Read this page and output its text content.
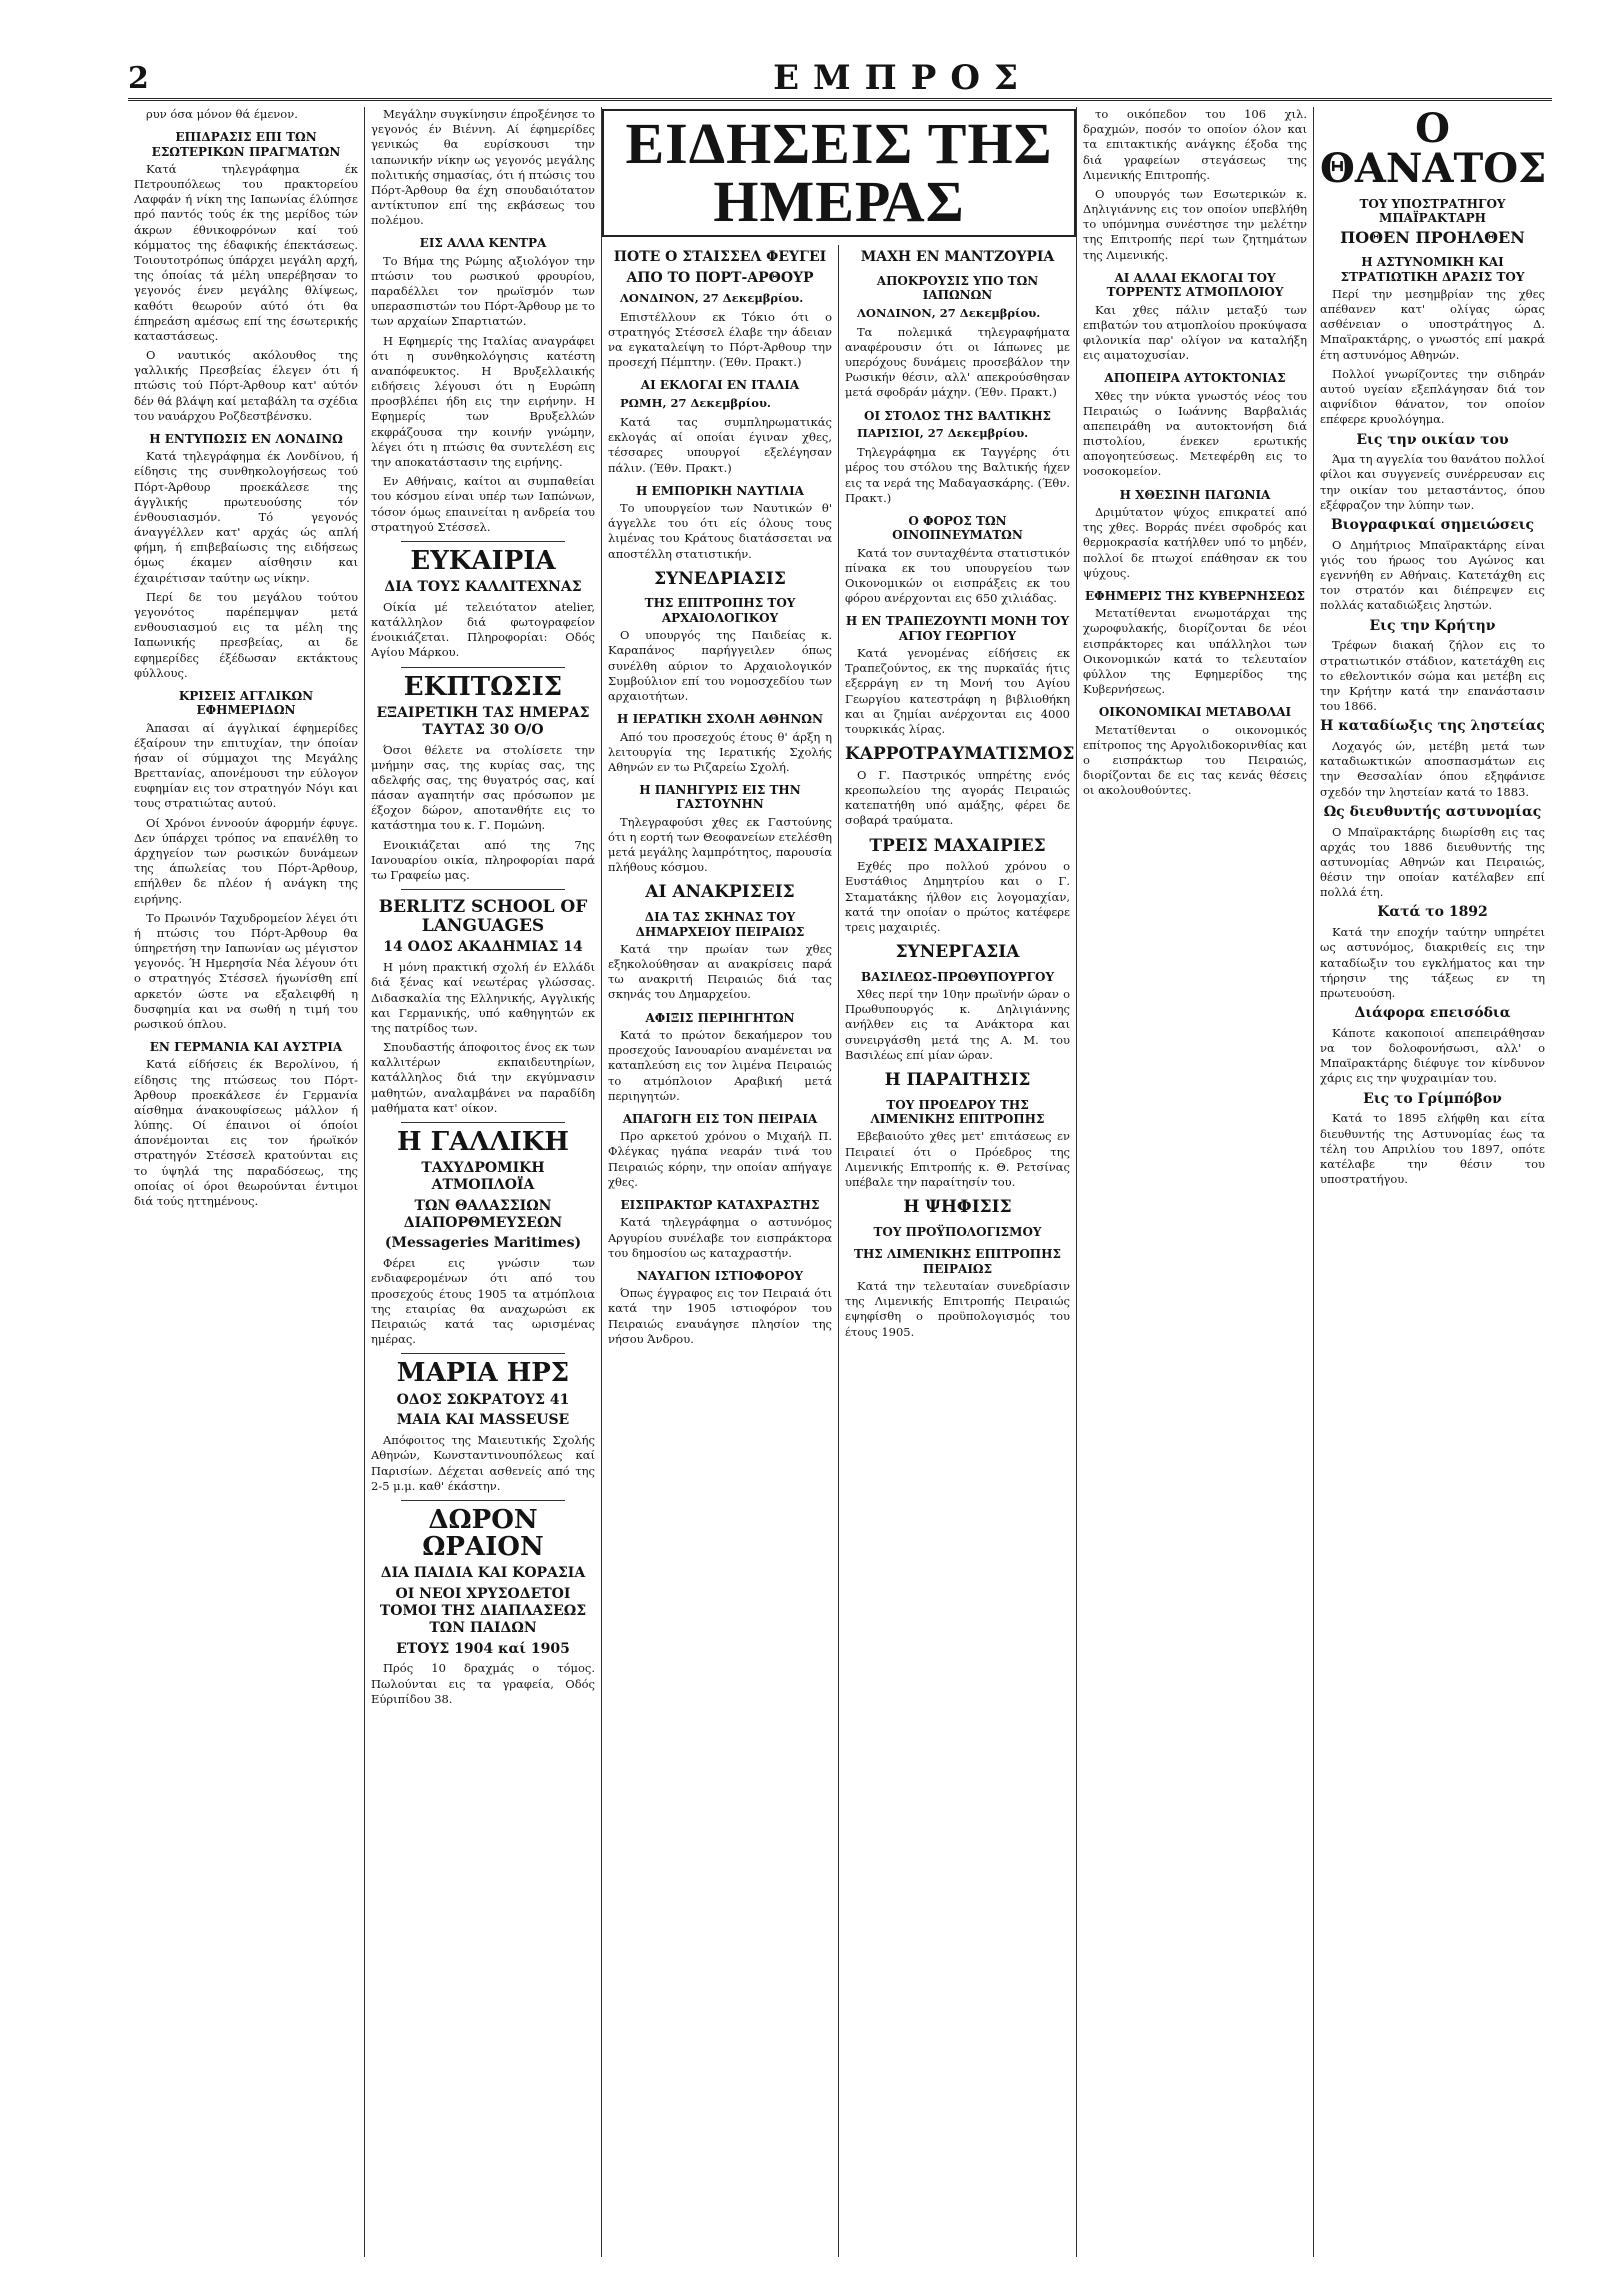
2	ΕΜΠΡΟΣ

ρυν όσα μόνον θά έμενον.

ΕΠΙΔΡΑΣΙΣ ΕΠΙ ΤΩΝ ΕΣΩΤΕΡΙΚΩΝ ΠΡΑΓΜΑΤΩΝ

Κατά τηλεγράφημα έκ Πετρουπόλεως του πρακτορείου Λαφφάν ή νίκη της Ιαπωνίας έλύπησε πρό παντός τούς έκ της μερίδος τών άκρων έθνικοφρόνων καί τού κόμματος της έδαφικής έπεκτάσεως. Τοιουτοτρόπως ύπάρχει μεγάλη αρχή, της όποίας τά μέλη υπερέβησαν το γεγονός ένεν μεγάλης θλίψεως, καθότι θεωρούν αύτό ότι θα έπηρεάση αμέσως επί της έσωτερικής καταστάσεως.

Ο ναυτικός ακόλουθος της γαλλικής Πρεσβείας έλεγεν ότι ή πτώσις τού Πόρτ-Άρθουρ κατ' αύτόν δέν θά βλάψη καί μεταβάλη τα σχέδια του ναυάρχου Ροζδεστβένσκυ.

Η ΕΝΤΥΠΩΣΙΣ ΕΝ ΛΟΝΔΙΝΩ

Κατά τηλεγράφημα έκ Λονδίνου, ή είδησις της συνθηκολογήσεως τού Πόρτ-Άρθουρ προεκάλεσε της άγγλικής πρωτευούσης τόν ένθουσιασμόν. Τό γεγονός άναγγέλλεν κατ' αρχάς ώς απλή φήμη, ή επιβεβαίωσις της ειδήσεως όμως έκαμεν αίσθησιν και έχαιρέτισαν ταύτην ως νίκην.

Περί δε του μεγάλου τούτου γεγονότος παρέπεμψαν μετά ενθουσιασμού εις τα μέλη της Ιαπωνικής πρεσβείας, αι δε εφημερίδες έξέδωσαν εκτάκτους φύλλους.

ΚΡΙΣΕΙΣ ΑΓΓΛΙΚΩΝ ΕΦΗΜΕΡΙΔΩΝ

Άπασαι αί άγγλικαί έφημερίδες έξαίρουν την επιτυχίαν, την όποίαν ήσαν οί σύμμαχοι της Μεγάλης Βρεττανίας, απονέμουσι την εύλογον ευφημίαν εις τον στρατηγόν Νόγι και τους στρατιώτας αυτού.

Οί Χρόνοι έννοούν άφορμήν έφυγε. Δεν ύπάρχει τρόπος να επανέλθη το άρχηγείον των ρωσικών δυνάμεων της άπωλείας του Πόρτ-Άρθουρ, επήλθεν δε πλέον ή ανάγκη της ειρήνης.

Το Πρωινόν Ταχυδρομείον λέγει ότι ή πτώσις του Πόρτ-Άρθουρ θα ύπηρετήση την Ιαπωνίαν ως μέγιστον γεγονός. Ή Ημερησία Νέα λέγουν ότι ο στρατηγός Στέσσελ ήγωνίσθη επί αρκετόν ώστε να εξαλειφθή η δυσφημία και να σωθή η τιμή του ρωσικού όπλου.

ΕΝ ΓΕΡΜΑΝΙΑ ΚΑΙ ΑΥΣΤΡΙΑ

Κατά είδήσεις έκ Βερολίνου, ή είδησις της πτώσεως του Πόρτ-Άρθουρ προεκάλεσε έν Γερμανία αίσθημα άνακουφίσεως μάλλον ή λύπης. Οί έπαινοι οί όποίοι άπονέμονται εις τον ήρωϊκόν στρατηγόν Στέσσελ κρατούνται εις το ύψηλά της παραδόσεως, της οποίας οί όροι θεωρούνται έντιμοι διά τούς ηττημένους.

Μεγάλην συγκίνησιν έπροξένησε το γεγονός έν Βιέννη. Αί έφημερίδες γενικώς θα ευρίσκουσι την ιαπωνικήν νίκην ως γεγονός μεγάλης πολιτικής σημασίας, ότι ή πτώσις του Πόρτ-Άρθουρ θα έχη σπουδαιότατον αντίκτυπον επί της εκβάσεως του πολέμου.

ΕΙΣ ΑΛΛΑ ΚΕΝΤΡΑ

Το Βήμα της Ρώμης αξιολόγον την πτώσιν του ρωσικού φρουρίου, παραδέλλει τον ηρωϊσμόν των υπερασπιστών του Πόρτ-Άρθουρ με το των αρχαίων Σπαρτιατών.

Η Εφημερίς της Ιταλίας αναγράφει ότι η συνθηκολόγησις κατέστη αναπόφευκτος. Η Βρυξελλαικής ειδήσεις λέγουσι ότι η Ευρώπη προσβλέπει ήδη εις την ειρήνην. Η Εφημερίς των Βρυξελλών εκφράζουσα την κοινήν γνώμην, λέγει ότι η πτώσις θα συντελέση εις την αποκατάστασιν της ειρήνης.

Εν Αθήναις, καίτοι αι συμπαθείαι του κόσμου είναι υπέρ των Ιαπώνων, τόσον όμως επαινείται η ανδρεία του στρατηγού Στέσσελ.

ΕΥΚΑΙΡΙΑ
ΔΙΑ ΤΟΥΣ ΚΑΛΛΙΤΕΧΝΑΣ

Οίκία μέ τελειότατον atelier, κατάλληλον διά φωτογραφείον ένοικιάζεται. Πληροφορίαι: Οδός Αγίου Μάρκου.

ΕΚΠΤΩΣΙΣ
ΕΞΑΙΡΕΤΙΚΗ ΤΑΣ ΗΜΕΡΑΣ ΤΑΥΤΑΣ 30 Ο/Ο

Όσοι θέλετε να στολίσετε την μνήμην σας, της κυρίας σας, της αδελφής σας, της θυγατρός σας, καί πάσαν αγαπητήν σας πρόσωπον με έξοχον δώρον, αποτανθήτε εις το κατάστημα του κ. Γ. Πομώνη.

Ενοικιάζεται από της 7ης Ιανουαρίου οικία, πληροφορίαι παρά τω Γραφείω μας.

BERLITZ SCHOOL OF LANGUAGES
14 ΟΔΟΣ ΑΚΑΔΗΜΙΑΣ 14

Η μόνη πρακτική σχολή έν Ελλάδι διά ξένας καί νεωτέρας γλώσσας. Διδασκαλία της Ελληνικής, Αγγλικής και Γερμανικής, υπό καθηγητών εκ της πατρίδος των.

Σπουδαστής άποφοιτος ένος εκ των καλλιτέρων εκπαιδευτηρίων, κατάλληλος διά την εκγύμνασιν μαθητών, αναλαμβάνει να παραδίδη μαθήματα κατ' οίκον.

Η ΓΑΛΛΙΚΗ
ΤΑΧΥΔΡΟΜΙΚΗ ΑΤΜΟΠΛΟΪΑ
ΤΩΝ ΘΑΛΑΣΣΙΩΝ ΔΙΑΠΟΡΘΜΕΥΣΕΩΝ
(Messageries Maritimes)

Φέρει εις γνώσιν των ενδιαφερομένων ότι από του προσεχούς έτους 1905 τα ατμόπλοια της εταιρίας θα αναχωρώσι εκ Πειραιώς κατά τας ωρισμένας ημέρας.

ΜΑΡΙΑ ΗΡΣ
ΟΔΟΣ ΣΩΚΡΑΤΟΥΣ 41
MAIA KAI MASSEUSE

Απόφοιτος της Μαιευτικής Σχολής Αθηνών, Κωνσταντινουπόλεως καί Παρισίων. Δέχεται ασθενείς από της 2-5 μ.μ. καθ' έκάστην.

ΔΩΡΟΝ ΩΡΑΙΟΝ
ΔΙΑ ΠΑΙΔΙΑ ΚΑΙ ΚΟΡΑΣΙΑ
ΟΙ ΝΕΟΙ ΧΡΥΣΟΔΕΤΟΙ ΤΟΜΟΙ ΤΗΣ ΔΙΑΠΛΑΣΕΩΣ ΤΩΝ ΠΑΙΔΩΝ
ΕΤΟΥΣ 1904 καί 1905

Πρός 10 δραχμάς ο τόμος. Πωλούνται εις τα γραφεία, Οδός Εύριπίδου 38.

ΕΙΔΗΣΕΙΣ ΤΗΣ ΗΜΕΡΑΣ
ΠΟΤΕ Ο ΣΤΑΙΣΣΕΛ ΦΕΥΓΕΙ
ΑΠΟ ΤΟ ΠΟΡΤ-ΑΡΘΟΥΡ

ΛΟΝΔΙΝΟΝ, 27 Δεκεμβρίου.

Επιστέλλουν εκ Τόκιο ότι ο στρατηγός Στέσσελ έλαβε την άδειαν να εγκαταλείψη το Πόρτ-Άρθουρ την προσεχή Πέμπτην. (Έθν. Πρακτ.)

ΑΙ ΕΚΛΟΓΑΙ ΕΝ ΙΤΑΛΙΑ

ΡΩΜΗ, 27 Δεκεμβρίου.

Κατά τας συμπληρωματικάς εκλογάς αί οποίαι έγιναν χθες, τέσσαρες υπουργοί εξελέγησαν πάλιν. (Έθν. Πρακτ.)

Η ΕΜΠΟΡΙΚΗ ΝΑΥΤΙΛΙΑ

Το υπουργείον των Ναυτικών θ' άγγελλε του ότι είς όλους τους λιμένας του Κράτους διατάσσεται να αποστέλλη στατιστικήν.

ΣΥΝΕΔΡΙΑΣΙΣ
ΤΗΣ ΕΠΙΤΡΟΠΗΣ ΤΟΥ ΑΡΧΑΙΟΛΟΓΙΚΟΥ

Ο υπουργός της Παιδείας κ. Καραπάνος παρήγγειλεν όπως συνέλθη αύριον το Αρχαιολογικόν Συμβούλιον επί του νομοσχεδίου των αρχαιοτήτων.

Η ΙΕΡΑΤΙΚΗ ΣΧΟΛΗ ΑΘΗΝΩΝ

Από του προσεχούς έτους θ' άρξη η λειτουργία της Ιερατικής Σχολής Αθηνών εν τω Ριζαρείω Σχολή.

Η ΠΑΝΗΓΥΡΙΣ ΕΙΣ ΤΗΝ ΓΑΣΤΟΥΝΗΝ

Τηλεγραφούσι χθες εκ Γαστούνης ότι η εορτή των Θεοφανείων ετελέσθη μετά μεγάλης λαμπρότητος, παρουσία πλήθους κόσμου.

ΑΙ ΑΝΑΚΡΙΣΕΙΣ
ΔΙΑ ΤΑΣ ΣΚΗΝΑΣ ΤΟΥ ΔΗΜΑΡΧΕΙΟΥ ΠΕΙΡΑΙΩΣ

Κατά την πρωίαν των χθες εξηκολούθησαν αι ανακρίσεις παρά τω ανακριτή Πειραιώς διά τας σκηνάς του Δημαρχείου.

ΑΦΙΞΙΣ ΠΕΡΙΗΓΗΤΩΝ

Κατά το πρώτον δεκαήμερον του προσεχούς Ιανουαρίου αναμένεται να καταπλεύση εις τον λιμένα Πειραιώς το ατμόπλοιον Αραβική μετά περιηγητών.

ΑΠΑΓΩΓΗ ΕΙΣ ΤΟΝ ΠΕΙΡΑΙΑ

Προ αρκετού χρόνου ο Μιχαήλ Π. Φλέγκας ηγάπα νεαράν τινά του Πειραιώς κόρην, την οποίαν απήγαγε χθες.

ΕΙΣΠΡΑΚΤΩΡ ΚΑΤΑΧΡΑΣΤΗΣ

Κατά τηλεγράφημα ο αστυνόμος Αργυρίου συνέλαβε τον εισπράκτορα του δημοσίου ως καταχραστήν.

ΝΑΥΑΓΙΟΝ ΙΣΤΙΟΦΟΡΟΥ

Όπως έγγραφος εις τον Πειραιά ότι κατά την 1905 ιστιοφόρον του Πειραιώς εναυάγησε πλησίον της νήσου Άνδρου.

ΜΑΧΗ ΕΝ ΜΑΝΤΖΟΥΡΙΑ
ΑΠΟΚΡΟΥΣΙΣ ΥΠΟ ΤΩΝ ΙΑΠΩΝΩΝ

ΛΟΝΔΙΝΟΝ, 27 Δεκεμβρίου.

Τα πολεμικά τηλεγραφήματα αναφέρουσιν ότι οι Ιάπωνες με υπερόχους δυνάμεις προσεβάλον την Ρωσικήν θέσιν, αλλ' απεκρούσθησαν μετά σφοδράν μάχην. (Έθν. Πρακτ.)

ΟΙ ΣΤΟΛΟΣ ΤΗΣ ΒΑΛΤΙΚΗΣ

ΠΑΡΙΣΙΟΙ, 27 Δεκεμβρίου.

Τηλεγράφημα εκ Ταγγέρης ότι μέρος του στόλου της Βαλτικής ήχεν εις τα νερά της Μαδαγασκάρης. (Έθν. Πρακτ.)

Ο ΦΟΡΟΣ ΤΩΝ ΟΙΝΟΠΝΕΥΜΑΤΩΝ

Κατά τον συνταχθέντα στατιστικόν πίνακα εκ του υπουργείου των Οικονομικών οι εισπράξεις εκ του φόρου ανέρχονται εις 650 χιλιάδας.

Η ΕΝ ΤΡΑΠΕΖΟΥΝΤΙ ΜΟΝΗ ΤΟΥ ΑΓΙΟΥ ΓΕΩΡΓΙΟΥ

Κατά γενομένας είδήσεις εκ Τραπεζούντος, εκ της πυρκαϊάς ήτις εξερράγη εν τη Μονή του Αγίου Γεωργίου κατεστράφη η βιβλιοθήκη και αι ζημίαι ανέρχονται εις 4000 τουρκικάς λίρας.

ΚΑΡΡΟΤΡΑΥΜΑΤΙΣΜΟΣ

Ο Γ. Παστρικός υπηρέτης ενός κρεοπωλείου της αγοράς Πειραιώς κατεπατήθη υπό αμάξης, φέρει δε σοβαρά τραύματα.

ΤΡΕΙΣ ΜΑΧΑΙΡΙΕΣ

Εχθές προ πολλού χρόνου ο Ευστάθιος Δημητρίου και ο Γ. Σταματάκης ήλθον εις λογομαχίαν, κατά την οποίαν ο πρώτος κατέφερε τρεις μαχαιριές.

ΣΥΝΕΡΓΑΣΙΑ
ΒΑΣΙΛΕΩΣ-ΠΡΩΘΥΠΟΥΡΓΟΥ

Χθες περί την 10ην πρωϊνήν ώραν ο Πρωθυπουργός κ. Δηλιγιάννης ανήλθεν εις τα Ανάκτορα και συνειργάσθη μετά της Α. Μ. του Βασιλέως επί μίαν ώραν.

Η ΠΑΡΑΙΤΗΣΙΣ
ΤΟΥ ΠΡΟΕΔΡΟΥ ΤΗΣ ΛΙΜΕΝΙΚΗΣ ΕΠΙΤΡΟΠΗΣ

Εβεβαιούτο χθες μετ' επιτάσεως εν Πειραιεί ότι ο Πρόεδρος της Λιμενικής Επιτροπής κ. Θ. Ρετσίνας υπέβαλε την παραίτησίν του.

Η ΨΗΦΙΣΙΣ
ΤΟΥ ΠΡΟΫΠΟΛΟΓΙΣΜΟΥ
ΤΗΣ ΛΙΜΕΝΙΚΗΣ ΕΠΙΤΡΟΠΗΣ ΠΕΙΡΑΙΩΣ

Κατά την τελευταίαν συνεδρίασιν της Λιμενικής Επιτροπής Πειραιώς εψηφίσθη ο προϋπολογισμός του έτους 1905.

το οικόπεδον του 106 χιλ. δραχμών, ποσόν το οποίον όλον και τα επιτακτικής ανάγκης έξοδα της διά γραφείων στεγάσεως της Λιμενικής Επιτροπής.

Ο υπουργός των Εσωτερικών κ. Δηλιγιάννης εις τον οποίον υπεβλήθη το υπόμνημα συνέστησε την μελέτην της Επιτροπής περί των ζητημάτων της Λιμενικής.

ΑΙ ΑΛΛΑΙ ΕΚΛΟΓΑΙ ΤΟΥ ΤΟΡΡΕΝΤΣ ΑΤΜΟΠΛΟΙΟΥ

Και χθες πάλιν μεταξύ των επιβατών του ατμοπλοίου προκύψασα φιλονικία παρ' ολίγον να καταλήξη εις αιματοχυσίαν.

ΑΠΟΠΕΙΡΑ ΑΥΤΟΚΤΟΝΙΑΣ

Χθες την νύκτα γνωστός νέος του Πειραιώς ο Ιωάννης Βαρβαλιάς απεπειράθη να αυτοκτονήση διά πιστολίου, ένεκεν ερωτικής απογοητεύσεως. Μετεφέρθη εις το νοσοκομείον.

Η ΧΘΕΣΙΝΗ ΠΑΓΩΝΙΑ

Δριμύτατον ψύχος επικρατεί από της χθες. Βορράς πνέει σφοδρός και θερμοκρασία κατήλθεν υπό το μηδέν, πολλοί δε πτωχοί επάθησαν εκ του ψύχους.

ΕΦΗΜΕΡΙΣ ΤΗΣ ΚΥΒΕΡΝΗΣΕΩΣ

Μετατίθενται ενωμοτάρχαι της χωροφυλακής, διορίζονται δε νέοι εισπράκτορες και υπάλληλοι των Οικονομικών κατά το τελευταίον φύλλον της Εφημερίδος της Κυβερνήσεως.

ΟΙΚΟΝΟΜΙΚΑΙ ΜΕΤΑΒΟΛΑΙ

Μετατίθενται ο οικονομικός επίτροπος της Αργολιδοκορινθίας και ο εισπράκτωρ του Πειραιώς, διορίζονται δε εις τας κενάς θέσεις οι ακολουθούντες.

Ο ΘΑΝΑΤΟΣ
ΤΟΥ ΥΠΟΣΤΡΑΤΗΓΟΥ ΜΠΑΪΡΑΚΤΑΡΗ
ΠΟΘΕΝ ΠΡΟΗΛΘΕΝ
Η ΑΣΤΥΝΟΜΙΚΗ ΚΑΙ ΣΤΡΑΤΙΩΤΙΚΗ ΔΡΑΣΙΣ ΤΟΥ

Περί την μεσημβρίαν της χθες απέθανεν κατ' ολίγας ώρας ασθένειαν ο υποστράτηγος Δ. Μπαϊρακτάρης, ο γνωστός επί μακρά έτη αστυνόμος Αθηνών.

Πολλοί γνωρίζοντες την σιδηράν αυτού υγείαν εξεπλάγησαν διά τον αιφνίδιον θάνατον, τον οποίον επέφερε κρυολόγημα.

Εις την οικίαν του

Άμα τη αγγελία του θανάτου πολλοί φίλοι και συγγενείς συνέρρευσαν εις την οικίαν του μεταστάντος, όπου εξέφραζον την λύπην των.

Βιογραφικαί σημειώσεις

Ο Δημήτριος Μπαϊρακτάρης είναι γιός του ήρωος του Αγώνος και εγεννήθη εν Αθήναις. Κατετάχθη εις τον στρατόν και διέπρεψεν εις πολλάς καταδιώξεις ληστών.

Εις την Κρήτην

Τρέφων διακαή ζήλον εις το στρατιωτικόν στάδιον, κατετάχθη εις το εθελοντικόν σώμα και μετέβη εις την Κρήτην κατά την επανάστασιν του 1866.

Η καταδίωξις της ληστείας

Λοχαγός ών, μετέβη μετά των καταδιωκτικών αποσπασμάτων εις την Θεσσαλίαν όπου εξηφάνισε σχεδόν την ληστείαν κατά το 1883.

Ως διευθυντής αστυνομίας

Ο Μπαϊρακτάρης διωρίσθη εις τας αρχάς του 1886 διευθυντής της αστυνομίας Αθηνών και Πειραιώς, θέσιν την οποίαν κατέλαβεν επί πολλά έτη.

Κατά το 1892

Κατά την εποχήν ταύτην υπηρέτει ως αστυνόμος, διακριθείς εις την καταδίωξιν του εγκλήματος και την τήρησιν της τάξεως εν τη πρωτευούση.

Διάφορα επεισόδια

Κάποτε κακοποιοί απεπειράθησαν να τον δολοφονήσωσι, αλλ' ο Μπαϊρακτάρης διέφυγε τον κίνδυνον χάρις εις την ψυχραιμίαν του.

Εις το Γρίμπόβον

Κατά το 1895 ελήφθη και είτα διευθυντής της Αστυνομίας έως τα τέλη του Απριλίου του 1897, οπότε κατέλαβε την θέσιν του υποστρατήγου.
